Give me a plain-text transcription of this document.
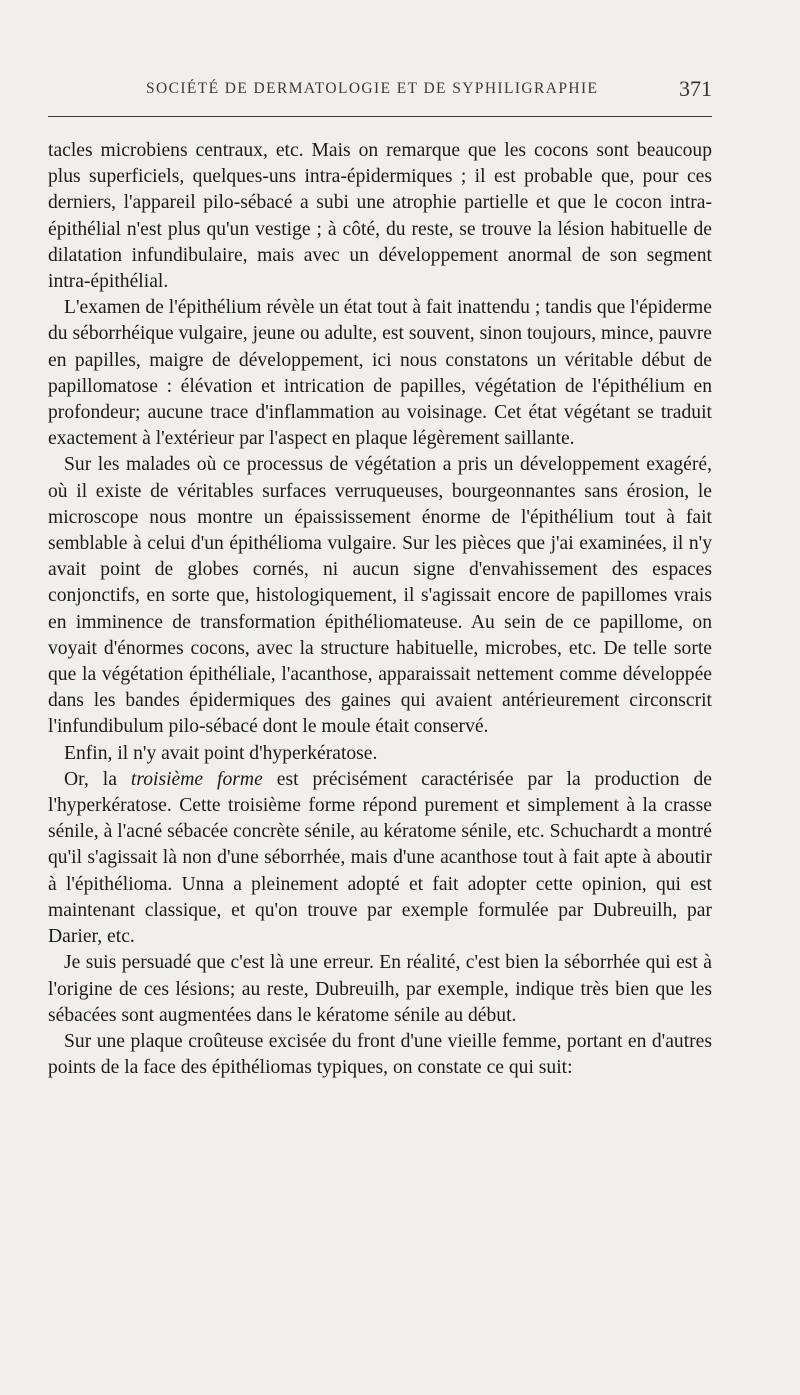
SOCIÉTÉ DE DERMATOLOGIE ET DE SYPHILIGRAPHIE	371

tacles microbiens centraux, etc. Mais on remarque que les cocons sont beaucoup plus superficiels, quelques-uns intra-épidermiques ; il est probable que, pour ces derniers, l'appareil pilo-sébacé a subi une atrophie partielle et que le cocon intra-épithélial n'est plus qu'un vestige ; à côté, du reste, se trouve la lésion habituelle de dilatation infundibulaire, mais avec un développement anormal de son segment intra-épithélial.

L'examen de l'épithélium révèle un état tout à fait inattendu ; tandis que l'épiderme du séborrhéique vulgaire, jeune ou adulte, est souvent, sinon toujours, mince, pauvre en papilles, maigre de développement, ici nous constatons un véritable début de papillomatose : élévation et intrication de papilles, végétation de l'épithélium en profondeur; aucune trace d'inflammation au voisinage. Cet état végétant se traduit exactement à l'extérieur par l'aspect en plaque légèrement saillante.

Sur les malades où ce processus de végétation a pris un développement exagéré, où il existe de véritables surfaces verruqueuses, bourgeonnantes sans érosion, le microscope nous montre un épaississement énorme de l'épithélium tout à fait semblable à celui d'un épithélioma vulgaire. Sur les pièces que j'ai examinées, il n'y avait point de globes cornés, ni aucun signe d'envahissement des espaces conjonctifs, en sorte que, histologiquement, il s'agissait encore de papillomes vrais en imminence de transformation épithéliomateuse. Au sein de ce papillome, on voyait d'énormes cocons, avec la structure habituelle, microbes, etc. De telle sorte que la végétation épithéliale, l'acanthose, apparaissait nettement comme développée dans les bandes épidermiques des gaines qui avaient antérieurement circonscrit l'infundibulum pilo-sébacé dont le moule était conservé.

Enfin, il n'y avait point d'hyperkératose.

Or, la troisième forme est précisément caractérisée par la production de l'hyperkératose. Cette troisième forme répond purement et simplement à la crasse sénile, à l'acné sébacée concrète sénile, au kératome sénile, etc. Schuchardt a montré qu'il s'agissait là non d'une séborrhée, mais d'une acanthose tout à fait apte à aboutir à l'épithélioma. Unna a pleinement adopté et fait adopter cette opinion, qui est maintenant classique, et qu'on trouve par exemple formulée par Dubreuilh, par Darier, etc.

Je suis persuadé que c'est là une erreur. En réalité, c'est bien la séborrhée qui est à l'origine de ces lésions; au reste, Dubreuilh, par exemple, indique très bien que les sébacées sont augmentées dans le kératome sénile au début.

Sur une plaque croûteuse excisée du front d'une vieille femme, portant en d'autres points de la face des épithéliomas typiques, on constate ce qui suit:
